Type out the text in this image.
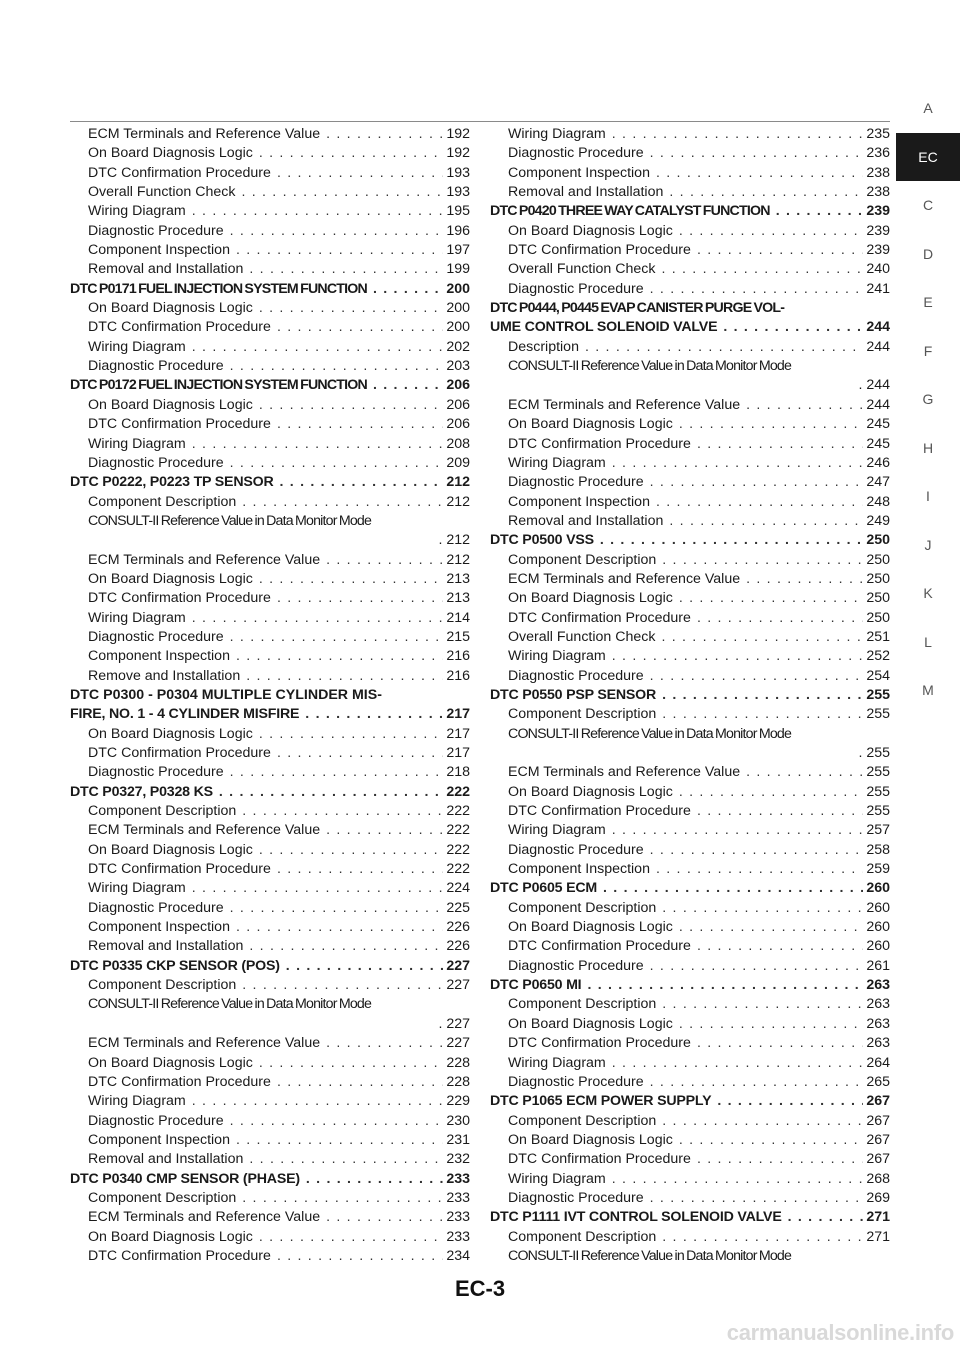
ECM Terminals and Reference Value . . .	192
On Board Diagnosis Logic . . .	192
DTC Confirmation Procedure . . .	193
Overall Function Check . . .	193
Wiring Diagram . . .	195
Diagnostic Procedure . . .	196
Component Inspection . . .	197
Removal and Installation . . .	199
DTC P0171 FUEL INJECTION SYSTEM FUNCTION . . .	200
On Board Diagnosis Logic . . .	200
DTC Confirmation Procedure . . .	200
Wiring Diagram . . .	202
Diagnostic Procedure . . .	203
DTC P0172 FUEL INJECTION SYSTEM FUNCTION . . .	206
On Board Diagnosis Logic . . .	206
DTC Confirmation Procedure . . .	206
Wiring Diagram . . .	208
Diagnostic Procedure . . .	209
DTC P0222, P0223 TP SENSOR . . .	212
Component Description . . .	212
CONSULT-II Reference Value in Data Monitor Mode
. 212
ECM Terminals and Reference Value . . .	212
On Board Diagnosis Logic . . .	213
DTC Confirmation Procedure . . .	213
Wiring Diagram . . .	214
Diagnostic Procedure . . .	215
Component Inspection . . .	216
Remove and Installation . . .	216
DTC P0300 - P0304 MULTIPLE CYLINDER MIS-
FIRE, NO. 1 - 4 CYLINDER MISFIRE . . .	217
On Board Diagnosis Logic . . .	217
DTC Confirmation Procedure . . .	217
Diagnostic Procedure . . .	218
DTC P0327, P0328 KS . . .	222
Component Description . . .	222
ECM Terminals and Reference Value . . .	222
On Board Diagnosis Logic . . .	222
DTC Confirmation Procedure . . .	222
Wiring Diagram . . .	224
Diagnostic Procedure . . .	225
Component Inspection . . .	226
Removal and Installation . . .	226
DTC P0335 CKP SENSOR (POS) . . .	227
Component Description . . .	227
CONSULT-II Reference Value in Data Monitor Mode
. 227
ECM Terminals and Reference Value . . .	227
On Board Diagnosis Logic . . .	228
DTC Confirmation Procedure . . .	228
Wiring Diagram . . .	229
Diagnostic Procedure . . .	230
Component Inspection . . .	231
Removal and Installation . . .	232
DTC P0340 CMP SENSOR (PHASE) . . .	233
Component Description . . .	233
ECM Terminals and Reference Value . . .	233
On Board Diagnosis Logic . . .	233
DTC Confirmation Procedure . . .	234
Wiring Diagram . . .	235
Diagnostic Procedure . . .	236
Component Inspection . . .	238
Removal and Installation . . .	238
DTC P0420 THREE WAY CATALYST FUNCTION . . .	239
On Board Diagnosis Logic . . .	239
DTC Confirmation Procedure . . .	239
Overall Function Check . . .	240
Diagnostic Procedure . . .	241
DTC P0444, P0445 EVAP CANISTER PURGE VOL-
UME CONTROL SOLENOID VALVE . . .	244
Description . . .	244
CONSULT-II Reference Value in Data Monitor Mode
. 244
ECM Terminals and Reference Value . . .	244
On Board Diagnosis Logic . . .	245
DTC Confirmation Procedure . . .	245
Wiring Diagram . . .	246
Diagnostic Procedure . . .	247
Component Inspection . . .	248
Removal and Installation . . .	249
DTC P0500 VSS . . .	250
Component Description . . .	250
ECM Terminals and Reference Value . . .	250
On Board Diagnosis Logic . . .	250
DTC Confirmation Procedure . . .	250
Overall Function Check . . .	251
Wiring Diagram . . .	252
Diagnostic Procedure . . .	254
DTC P0550 PSP SENSOR . . .	255
Component Description . . .	255
CONSULT-II Reference Value in Data Monitor Mode
. 255
ECM Terminals and Reference Value . . .	255
On Board Diagnosis Logic . . .	255
DTC Confirmation Procedure . . .	255
Wiring Diagram . . .	257
Diagnostic Procedure . . .	258
Component Inspection . . .	259
DTC P0605 ECM . . .	260
Component Description . . .	260
On Board Diagnosis Logic . . .	260
DTC Confirmation Procedure . . .	260
Diagnostic Procedure . . .	261
DTC P0650 MI . . .	263
Component Description . . .	263
On Board Diagnosis Logic . . .	263
DTC Confirmation Procedure . . .	263
Wiring Diagram . . .	264
Diagnostic Procedure . . .	265
DTC P1065 ECM POWER SUPPLY . . .	267
Component Description . . .	267
On Board Diagnosis Logic . . .	267
DTC Confirmation Procedure . . .	267
Wiring Diagram . . .	268
Diagnostic Procedure . . .	269
DTC P1111 IVT CONTROL SOLENOID VALVE . . .	271
Component Description . . .	271
CONSULT-II Reference Value in Data Monitor Mode
A
EC
C
D
E
F
G
H
I
J
K
L
M
EC-3
carmanualsonline.info
